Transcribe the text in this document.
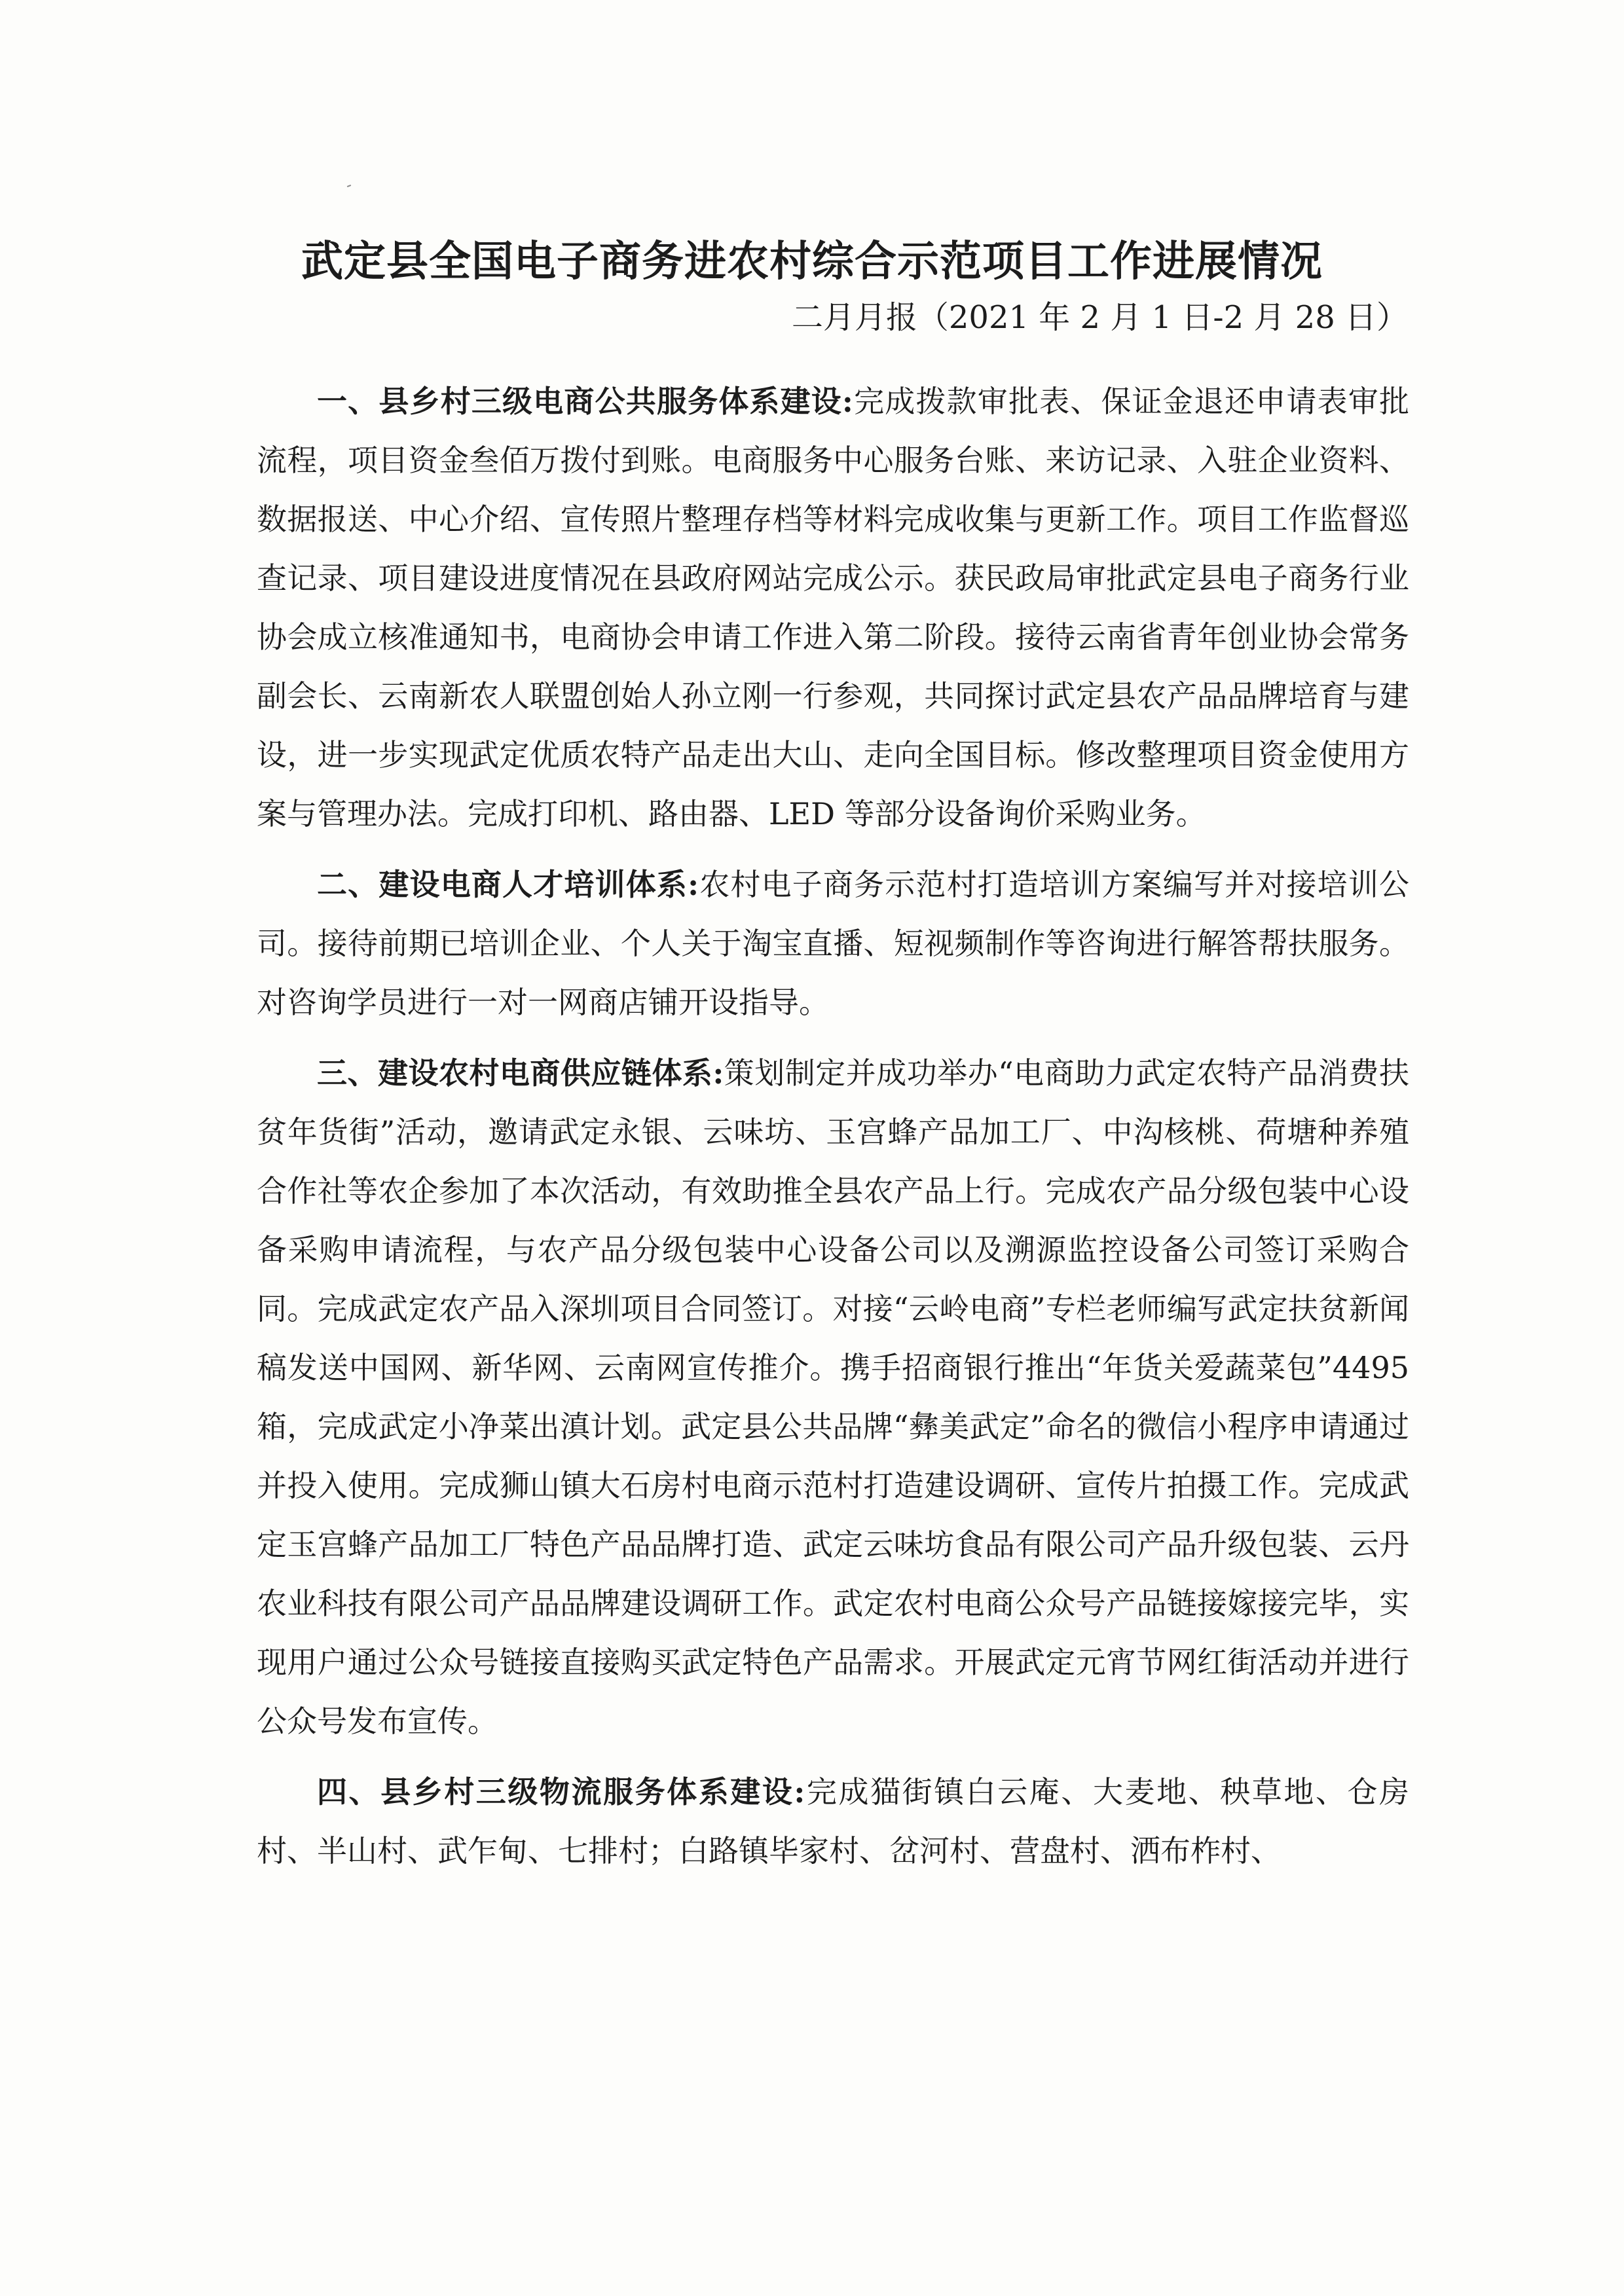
武定县全国电子商务进农村综合示范项目工作进展情况
二月月报（2021 年 2 月 1 日-2 月 28 日）

一、县乡村三级电商公共服务体系建设:完成拨款审批表、保证金退还申请表审批流程，项目资金叁佰万拨付到账。电商服务中心服务台账、来访记录、入驻企业资料、数据报送、中心介绍、宣传照片整理存档等材料完成收集与更新工作。项目工作监督巡查记录、项目建设进度情况在县政府网站完成公示。获民政局审批武定县电子商务行业协会成立核准通知书，电商协会申请工作进入第二阶段。接待云南省青年创业协会常务副会长、云南新农人联盟创始人孙立刚一行参观，共同探讨武定县农产品品牌培育与建设，进一步实现武定优质农特产品走出大山、走向全国目标。修改整理项目资金使用方案与管理办法。完成打印机、路由器、LED 等部分设备询价采购业务。

二、建设电商人才培训体系:农村电子商务示范村打造培训方案编写并对接培训公司。接待前期已培训企业、个人关于淘宝直播、短视频制作等咨询进行解答帮扶服务。对咨询学员进行一对一网商店铺开设指导。

三、建设农村电商供应链体系:策划制定并成功举办“电商助力武定农特产品消费扶贫年货街”活动，邀请武定永银、云味坊、玉宫蜂产品加工厂、中沟核桃、荷塘种养殖合作社等农企参加了本次活动，有效助推全县农产品上行。完成农产品分级包装中心设备采购申请流程，与农产品分级包装中心设备公司以及溯源监控设备公司签订采购合同。完成武定农产品入深圳项目合同签订。对接“云岭电商”专栏老师编写武定扶贫新闻稿发送中国网、新华网、云南网宣传推介。携手招商银行推出“年货关爱蔬菜包”4495 箱，完成武定小净菜出滇计划。武定县公共品牌“彝美武定”命名的微信小程序申请通过并投入使用。完成狮山镇大石房村电商示范村打造建设调研、宣传片拍摄工作。完成武定玉宫蜂产品加工厂特色产品品牌打造、武定云味坊食品有限公司产品升级包装、云丹农业科技有限公司产品品牌建设调研工作。武定农村电商公众号产品链接嫁接完毕，实现用户通过公众号链接直接购买武定特色产品需求。开展武定元宵节网红街活动并进行公众号发布宣传。

四、县乡村三级物流服务体系建设:完成猫街镇白云庵、大麦地、秧草地、仓房村、半山村、武乍甸、七排村；白路镇毕家村、岔河村、营盘村、洒布柞村、
